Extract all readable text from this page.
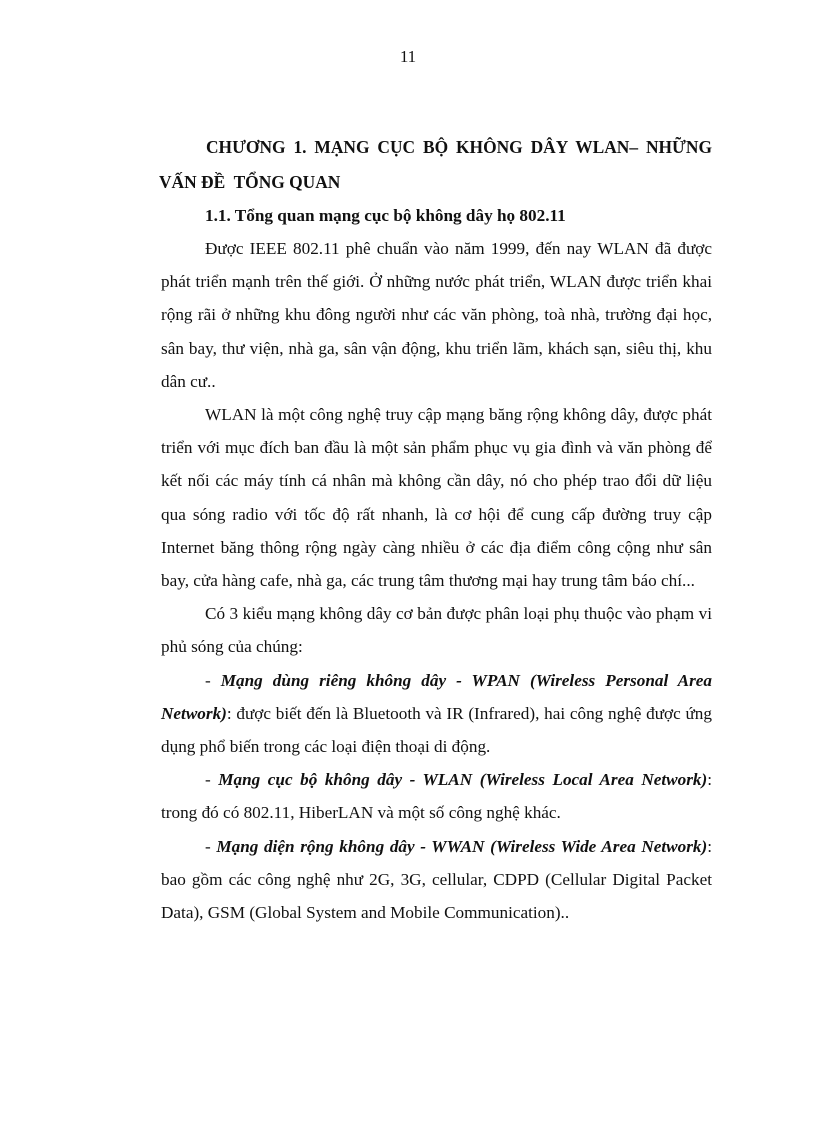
11
CHƯƠNG 1. MẠNG CỤC BỘ KHÔNG DÂY WLAN– NHỮNG
VẤN ĐỀ  TỔNG QUAN

1.1. Tổng quan mạng cục bộ không dây họ 802.11

Được IEEE 802.11 phê chuẩn vào năm 1999, đến nay WLAN đã được phát triển mạnh trên thế giới. Ở những nước phát triển, WLAN được triển khai rộng rãi ở những khu đông người như các văn phòng, toà nhà, trường đại học, sân bay, thư viện, nhà ga, sân vận động, khu triển lãm, khách sạn, siêu thị, khu dân cư..

WLAN là một công nghệ truy cập mạng băng rộng không dây, được phát triển với mục đích ban đầu là một sản phẩm phục vụ gia đình và văn phòng để kết nối các máy tính cá nhân mà không cần dây, nó cho phép trao đổi dữ liệu qua sóng radio với tốc độ rất nhanh, là cơ hội để cung cấp đường truy cập Internet băng thông rộng ngày càng nhiều ở các địa điểm công cộng như sân bay, cửa hàng cafe, nhà ga, các trung tâm thương mại hay trung tâm báo chí...

Có 3 kiểu mạng không dây cơ bản được phân loại phụ thuộc vào phạm vi phủ sóng của chúng:

- Mạng dùng riêng không dây - WPAN (Wireless Personal Area Network): được biết đến là Bluetooth và IR (Infrared), hai công nghệ được ứng dụng phổ biến trong các loại điện thoại di động.

- Mạng cục bộ không dây - WLAN (Wireless Local Area Network): trong đó có 802.11, HiberLAN và một số công nghệ khác.

- Mạng diện rộng không dây - WWAN (Wireless Wide Area Network): bao gồm các công nghệ như 2G, 3G, cellular, CDPD (Cellular Digital Packet Data), GSM (Global System and Mobile Communication)..
